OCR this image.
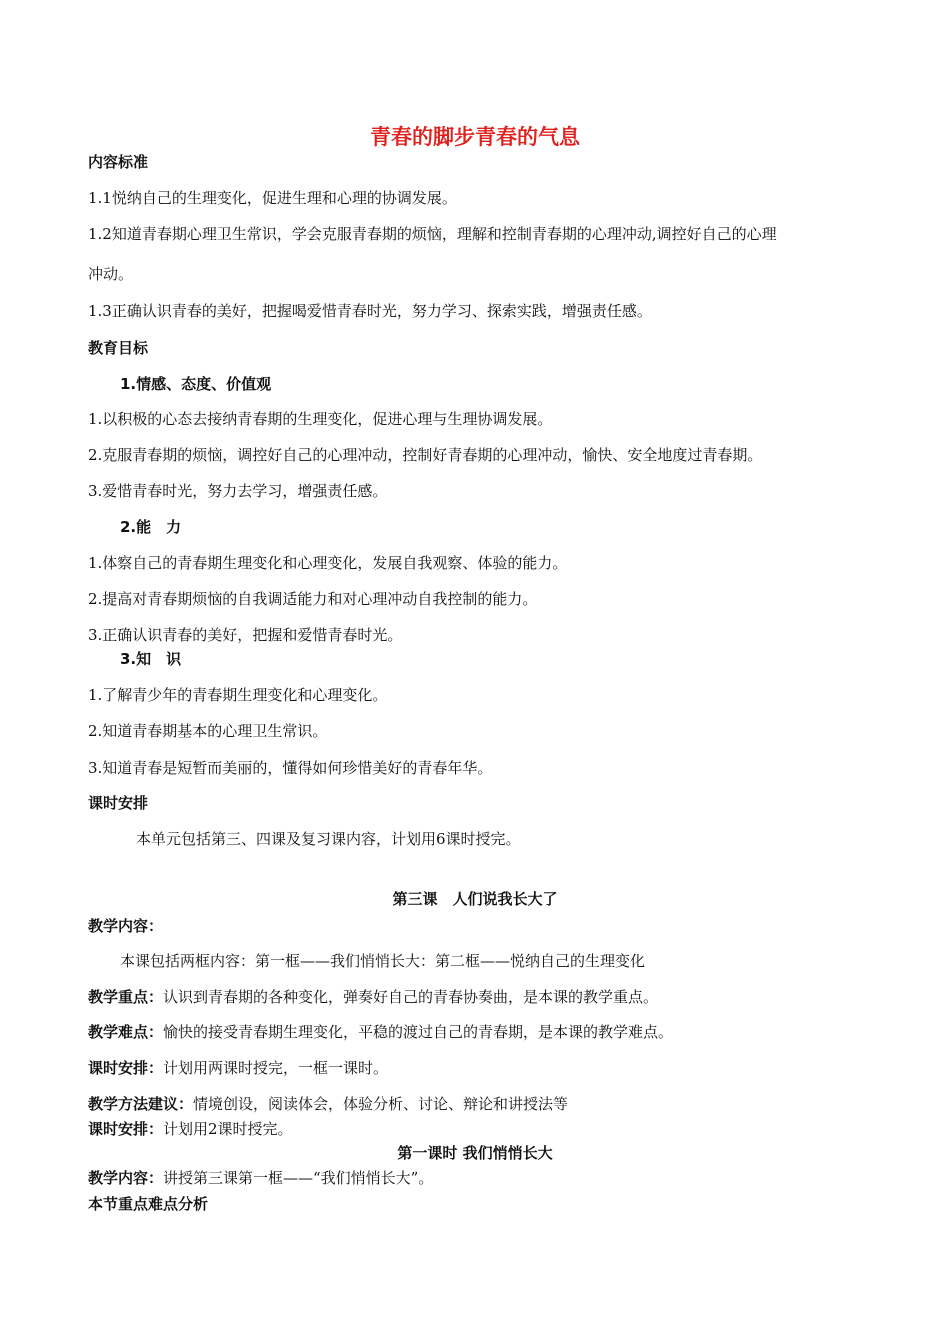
青春的脚步青春的气息
内容标准
1.1悦纳自己的生理变化，促进生理和心理的协调发展。
1.2知道青春期心理卫生常识，学会克服青春期的烦恼，理解和控制青春期的心理冲动,调控好自己的心理
冲动。
1.3正确认识青春的美好，把握喝爱惜青春时光，努力学习、探索实践，增强责任感。
教育目标
1.情感、态度、价值观
1.以积极的心态去接纳青春期的生理变化，促进心理与生理协调发展。
2.克服青春期的烦恼，调控好自己的心理冲动，控制好青春期的心理冲动，愉快、安全地度过青春期。
3.爱惜青春时光，努力去学习，增强责任感。
2.能　力
1.体察自己的青春期生理变化和心理变化，发展自我观察、体验的能力。
2.提高对青春期烦恼的自我调适能力和对心理冲动自我控制的能力。
3.正确认识青春的美好，把握和爱惜青春时光。
3.知　识
1.了解青少年的青春期生理变化和心理变化。
2.知道青春期基本的心理卫生常识。
3.知道青春是短暂而美丽的，懂得如何珍惜美好的青春年华。
课时安排
本单元包括第三、四课及复习课内容，计划用6课时授完。
第三课　人们说我长大了
教学内容：
本课包括两框内容：第一框——我们悄悄长大：第二框——悦纳自己的生理变化
教学重点：认识到青春期的各种变化，弹奏好自己的青春协奏曲，是本课的教学重点。
教学难点：愉快的接受青春期生理变化，平稳的渡过自己的青春期，是本课的教学难点。
课时安排：计划用两课时授完，一框一课时。
教学方法建议：情境创设，阅读体会，体验分析、讨论、辩论和讲授法等
课时安排：计划用2课时授完。
第一课时 我们悄悄长大
教学内容：讲授第三课第一框——“我们悄悄长大”。
本节重点难点分析
